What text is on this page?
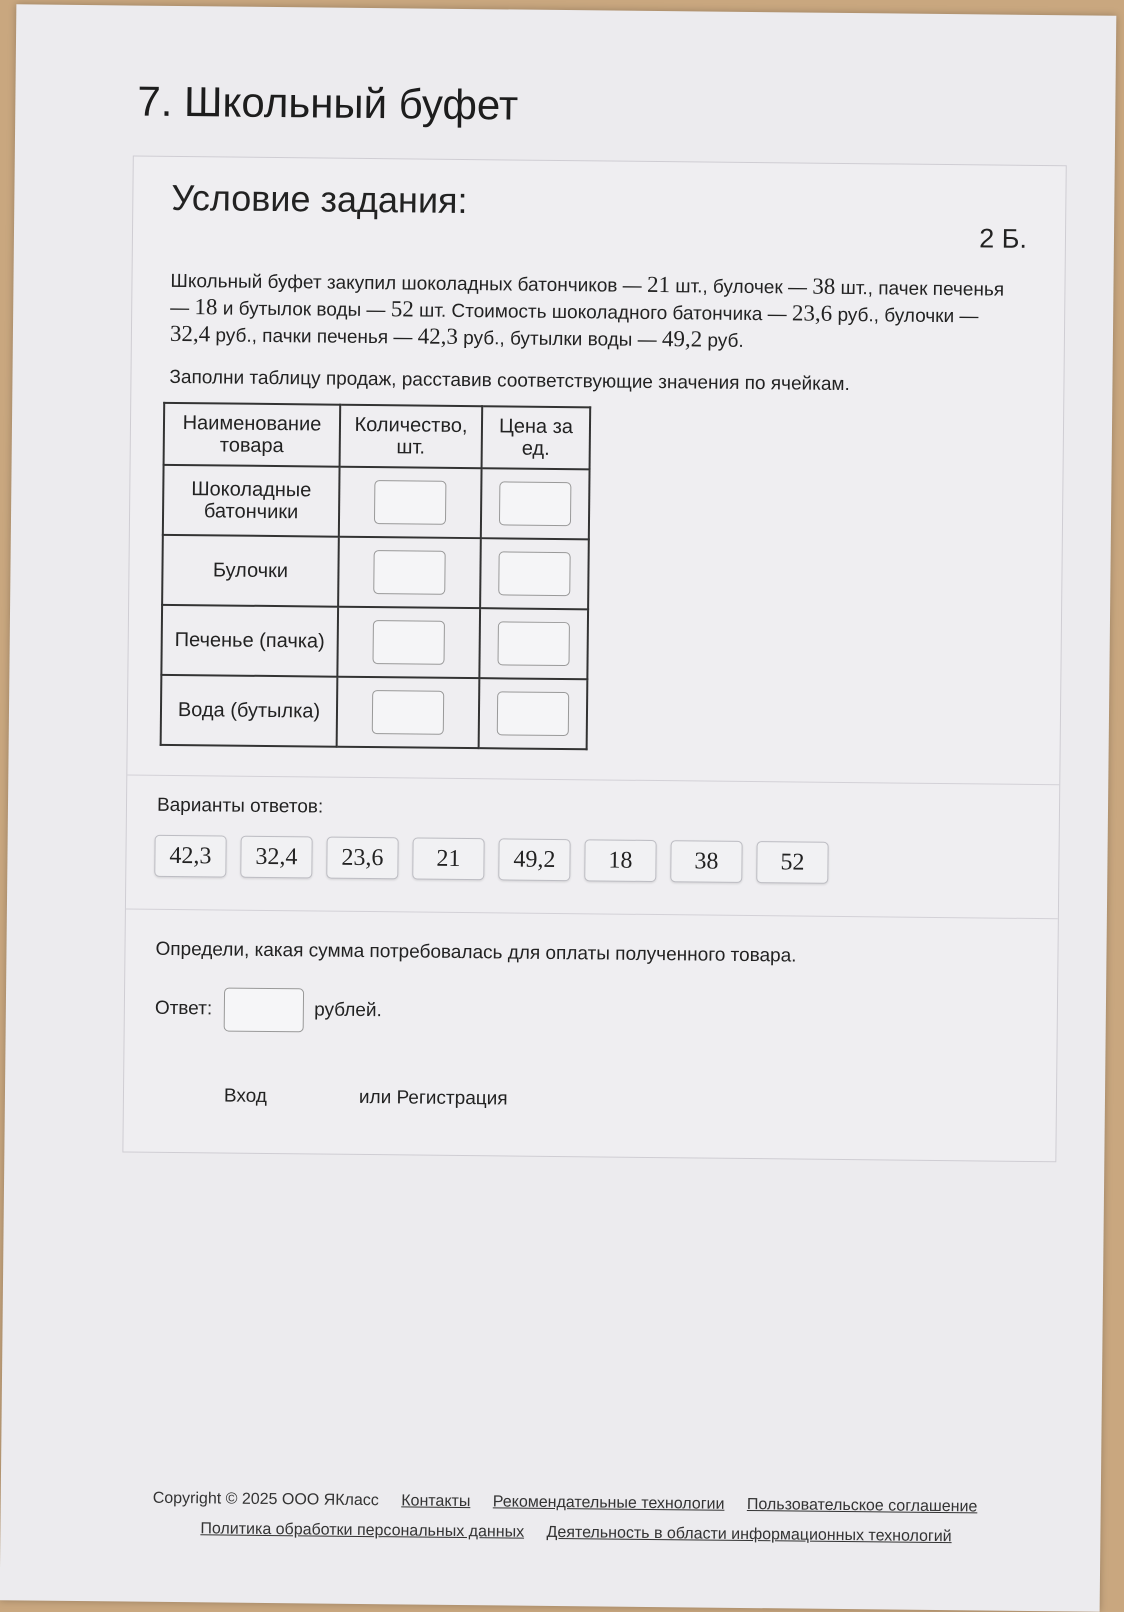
7. Школьный буфет
Условие задания:
2 Б.

Школьный буфет закупил шоколадных батончиков — 21 шт., булочек — 38 шт., пачек печенья — 18 и бутылок воды — 52 шт. Стоимость шоколадного батончика — 23,6 руб., булочки — 32,4 руб., пачки печенья — 42,3 руб., бутылки воды — 49,2 руб.

Заполни таблицу продаж, расставив соответствующие значения по ячейкам.

Наименование товара	Количество, шт.	Цена за ед.
Шоколадные батончики		
Булочки		
Печенье (пачка)		
Вода (бутылка)		
Варианты ответов:
42,3	32,4	23,6	21	49,2	18	38	52

Определи, какая сумма потребовалась для оплаты полученного товара.

Ответ:	рублей.
Вход	или Регистрация
Copyright © 2025 ООО ЯКласс Контакты Рекомендательные технологии Пользовательское соглашение
Политика обработки персональных данных Деятельность в области информационных технологий
